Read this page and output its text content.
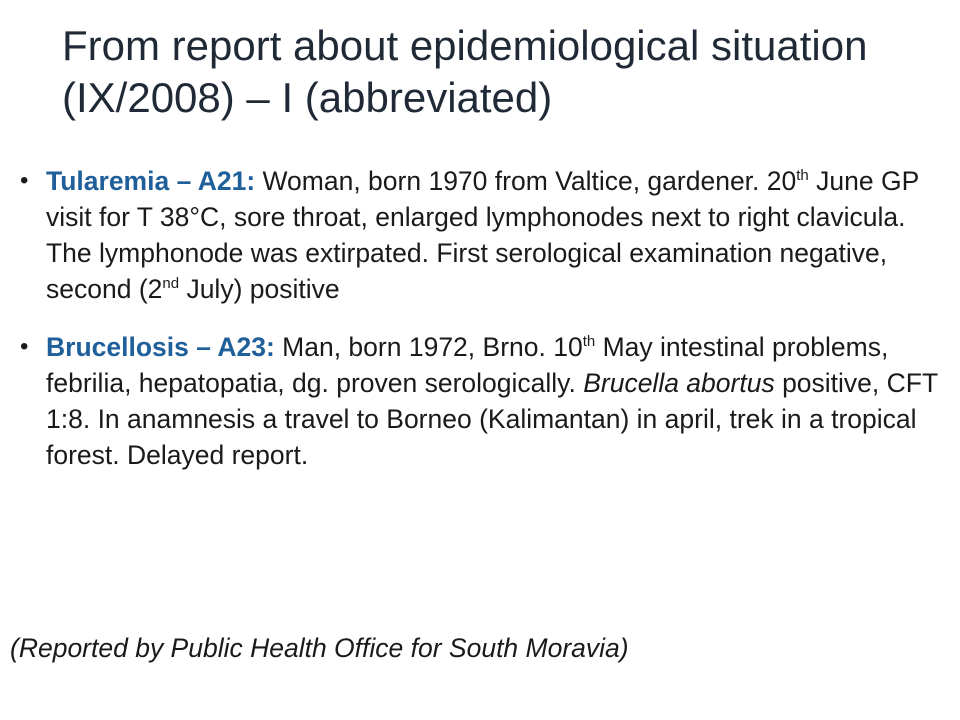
From report about epidemiological situation (IX/2008) – I (abbreviated)
• Tularemia – A21: Woman, born 1970 from Valtice, gardener. 20th June GP visit for T 38°C, sore throat, enlarged lymphonodes next to right clavicula. The lymphonode was extirpated. First serological examination negative, second (2nd July) positive
• Brucellosis – A23: Man, born 1972, Brno. 10th May intestinal problems, febrilia, hepatopatia, dg. proven serologically. Brucella abortus positive, CFT 1:8. In anamnesis a travel to Borneo (Kalimantan) in april, trek in a tropical forest. Delayed report.
(Reported by Public Health Office for South Moravia)
